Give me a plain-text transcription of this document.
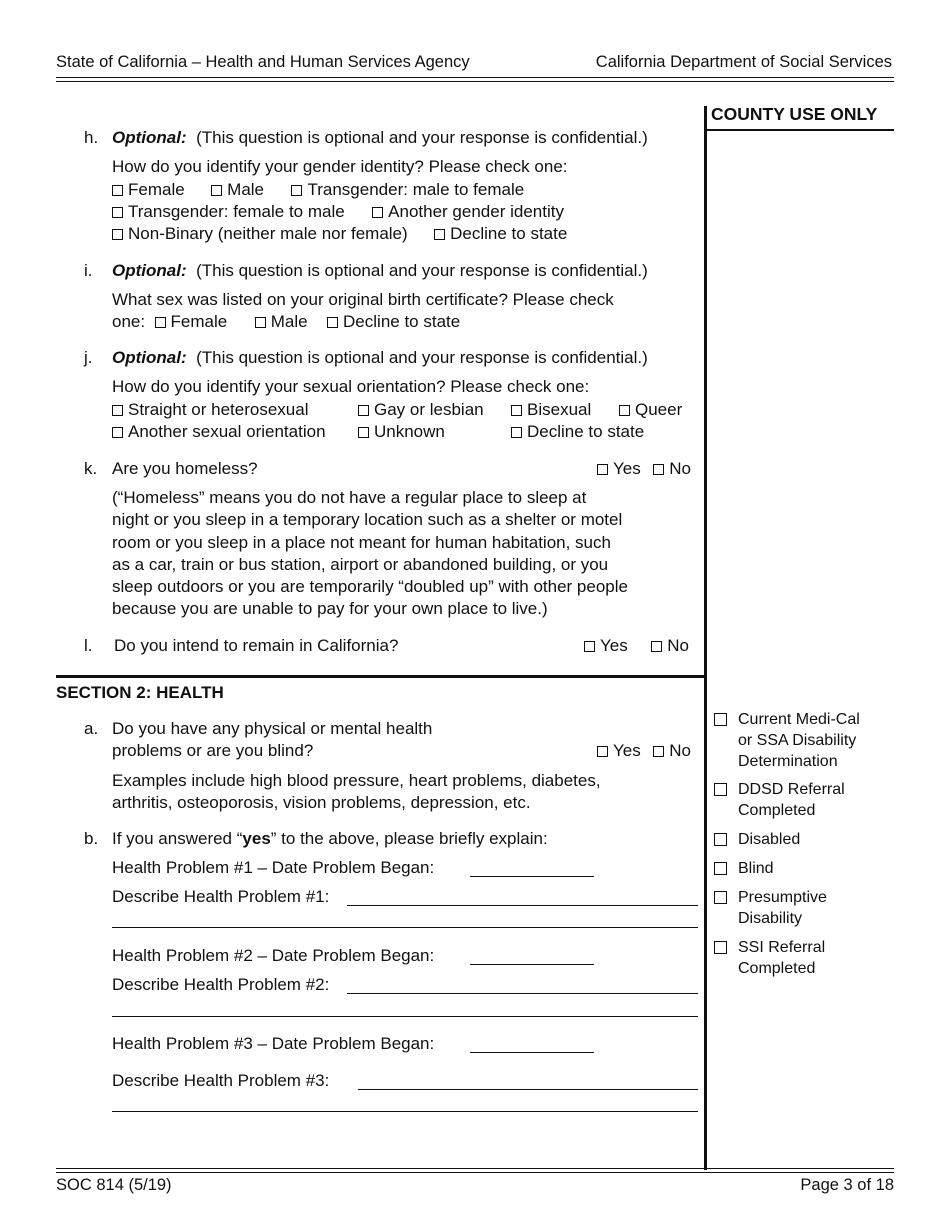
State of California – Health and Human Services Agency	California Department of Social Services
COUNTY USE ONLY
h. Optional: (This question is optional and your response is confidential.)
How do you identify your gender identity? Please check one:
Female Male	Transgender: male to female
Transgender: female to male	Another gender identity
Non-Binary (neither male nor female) Decline to state
i. Optional: (This question is optional and your response is confidential.)
What sex was listed on your original birth certificate? Please check
one: Female	Male Decline to state
j. Optional: (This question is optional and your response is confidential.)
How do you identify your sexual orientation? Please check one:
Straight or heterosexual	Gay or lesbian	Bisexual	Queer
Another sexual orientation	Unknown	Decline to state
k. Are you homeless?	Yes No
(“Homeless” means you do not have a regular place to sleep at
night or you sleep in a temporary location such as a shelter or motel
room or you sleep in a place not meant for human habitation, such
as a car, train or bus station, airport or abandoned building, or you
sleep outdoors or you are temporarily “doubled up” with other people
because you are unable to pay for your own place to live.)
l. Do you intend to remain in California?	Yes No
SECTION 2: HEALTH
a. Do you have any physical or mental health
problems or are you blind?	Yes No
Examples include high blood pressure, heart problems, diabetes,
arthritis, osteoporosis, vision problems, depression, etc.
b. If you answered “yes” to the above, please briefly explain:
Health Problem #1 – Date Problem Began:
Describe Health Problem #1:
Health Problem #2 – Date Problem Began:
Describe Health Problem #2:
Health Problem #3 – Date Problem Began:
Describe Health Problem #3:
Current Medi-Cal
or SSA Disability
Determination
DDSD Referral
Completed
Disabled
Blind
Presumptive
Disability
SSI Referral
Completed
SOC 814 (5/19)	Page 3 of 18
